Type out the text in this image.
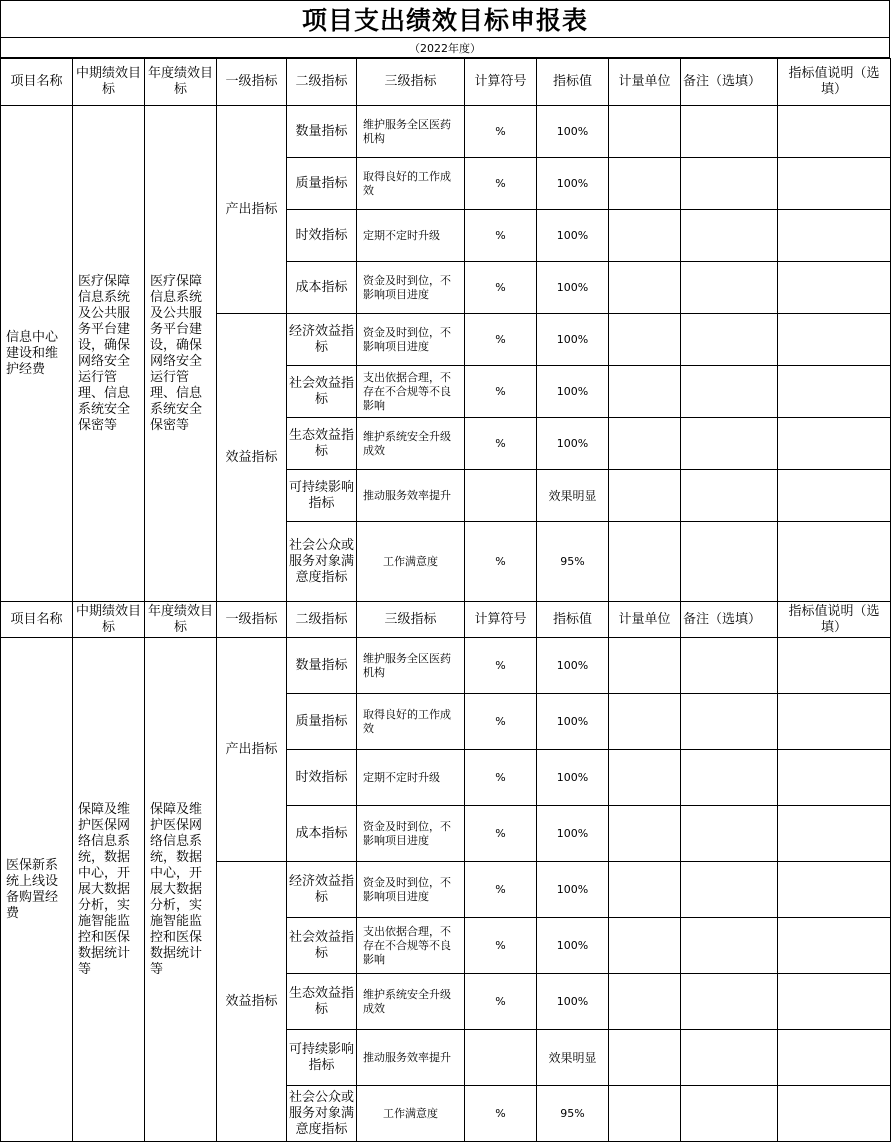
项目支出绩效目标申报表
（2022年度）
项目名称	中期绩效目标	年度绩效目标	一级指标	二级指标	三级指标	计算符号	指标值	计量单位	备注（选填）	指标值说明（选填）
信息中心建设和维护经费	医疗保障信息系统及公共服务平台建设，确保网络安全运行管理、信息系统安全保密等	医疗保障信息系统及公共服务平台建设，确保网络安全运行管理、信息系统安全保密等	产出指标	数量指标	维护服务全区医药机构	%	100%			
				质量指标	取得良好的工作成效	%	100%			
				时效指标	定期不定时升级	%	100%			
				成本指标	资金及时到位，不影响项目进度	%	100%			
			效益指标	经济效益指标	资金及时到位，不影响项目进度	%	100%			
				社会效益指标	支出依据合理，不存在不合规等不良影响	%	100%			
				生态效益指标	维护系统安全升级成效	%	100%			
				可持续影响指标	推动服务效率提升		效果明显			
				社会公众或服务对象满意度指标	工作满意度	%	95%			
项目名称	中期绩效目标	年度绩效目标	一级指标	二级指标	三级指标	计算符号	指标值	计量单位	备注（选填）	指标值说明（选填）
医保新系统上线设备购置经费	保障及维护医保网络信息系统，数据中心，开展大数据分析，实施智能监控和医保数据统计等	保障及维护医保网络信息系统，数据中心，开展大数据分析，实施智能监控和医保数据统计等	产出指标	数量指标	维护服务全区医药机构	%	100%			
				质量指标	取得良好的工作成效	%	100%			
				时效指标	定期不定时升级	%	100%			
				成本指标	资金及时到位，不影响项目进度	%	100%			
			效益指标	经济效益指标	资金及时到位，不影响项目进度	%	100%			
				社会效益指标	支出依据合理，不存在不合规等不良影响	%	100%			
				生态效益指标	维护系统安全升级成效	%	100%			
				可持续影响指标	推动服务效率提升		效果明显			
				社会公众或服务对象满意度指标	工作满意度	%	95%			
